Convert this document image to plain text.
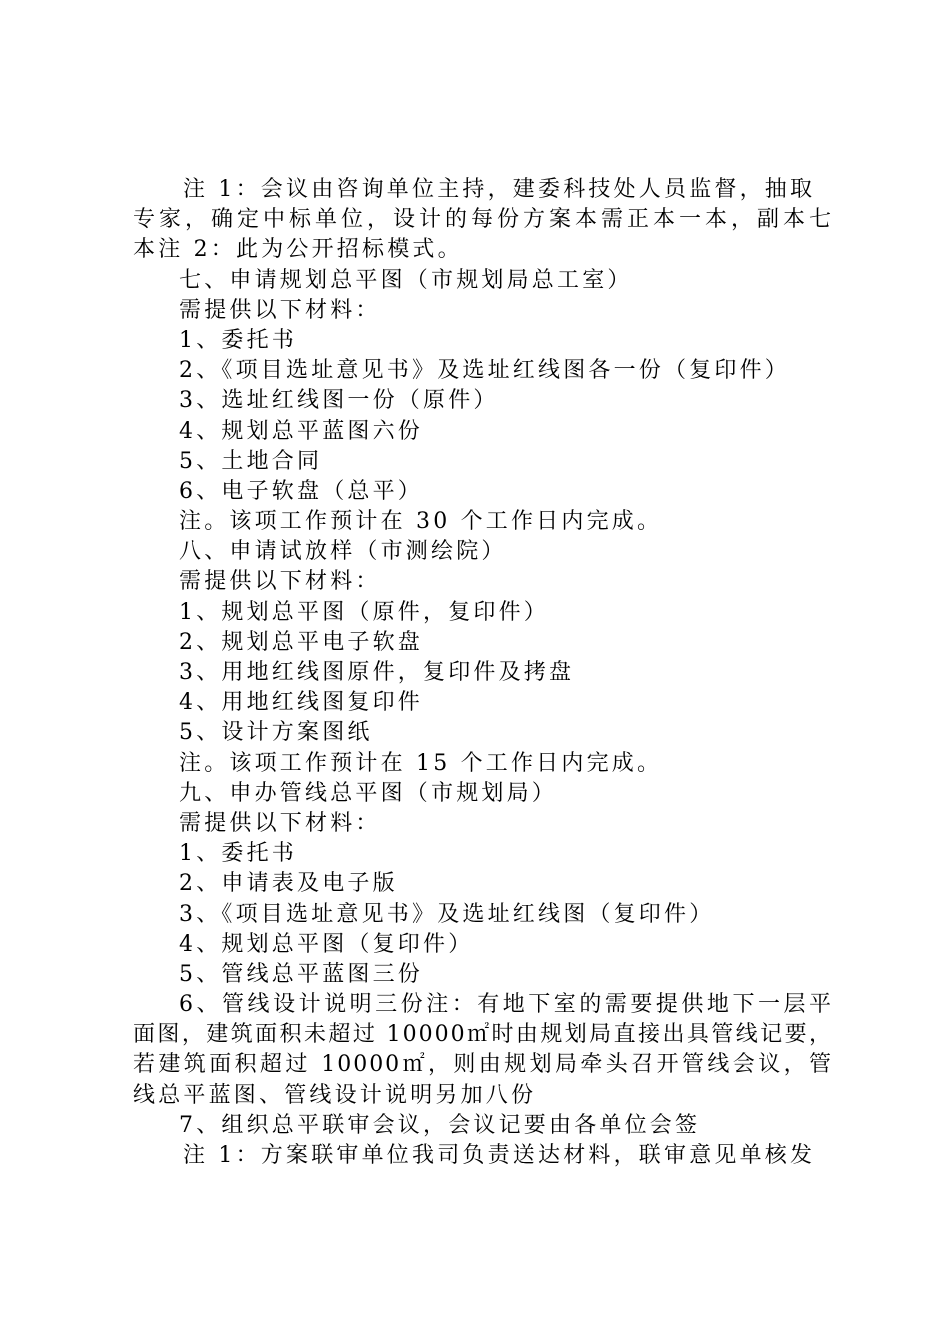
注 1：会议由咨询单位主持，建委科技处人员监督，抽取
专家，确定中标单位，设计的每份方案本需正本一本，副本七
本注 2：此为公开招标模式。
七、申请规划总平图（市规划局总工室）
需提供以下材料：
1、委托书
2、《项目选址意见书》及选址红线图各一份（复印件）
3、选址红线图一份（原件）
4、规划总平蓝图六份
5、土地合同
6、电子软盘（总平）
注。该项工作预计在 30 个工作日内完成。
八、申请试放样（市测绘院）
需提供以下材料：
1、规划总平图（原件，复印件）
2、规划总平电子软盘
3、用地红线图原件，复印件及拷盘
4、用地红线图复印件
5、设计方案图纸
注。该项工作预计在 15 个工作日内完成。
九、申办管线总平图（市规划局）
需提供以下材料：
1、委托书
2、申请表及电子版
3、《项目选址意见书》及选址红线图（复印件）
4、规划总平图（复印件）
5、管线总平蓝图三份
6、管线设计说明三份注：有地下室的需要提供地下一层平
面图，建筑面积未超过 10000㎡时由规划局直接出具管线记要，
若建筑面积超过 10000㎡，则由规划局牵头召开管线会议，管
线总平蓝图、管线设计说明另加八份
7、组织总平联审会议，会议记要由各单位会签
注 1：方案联审单位我司负责送达材料，联审意见单核发
